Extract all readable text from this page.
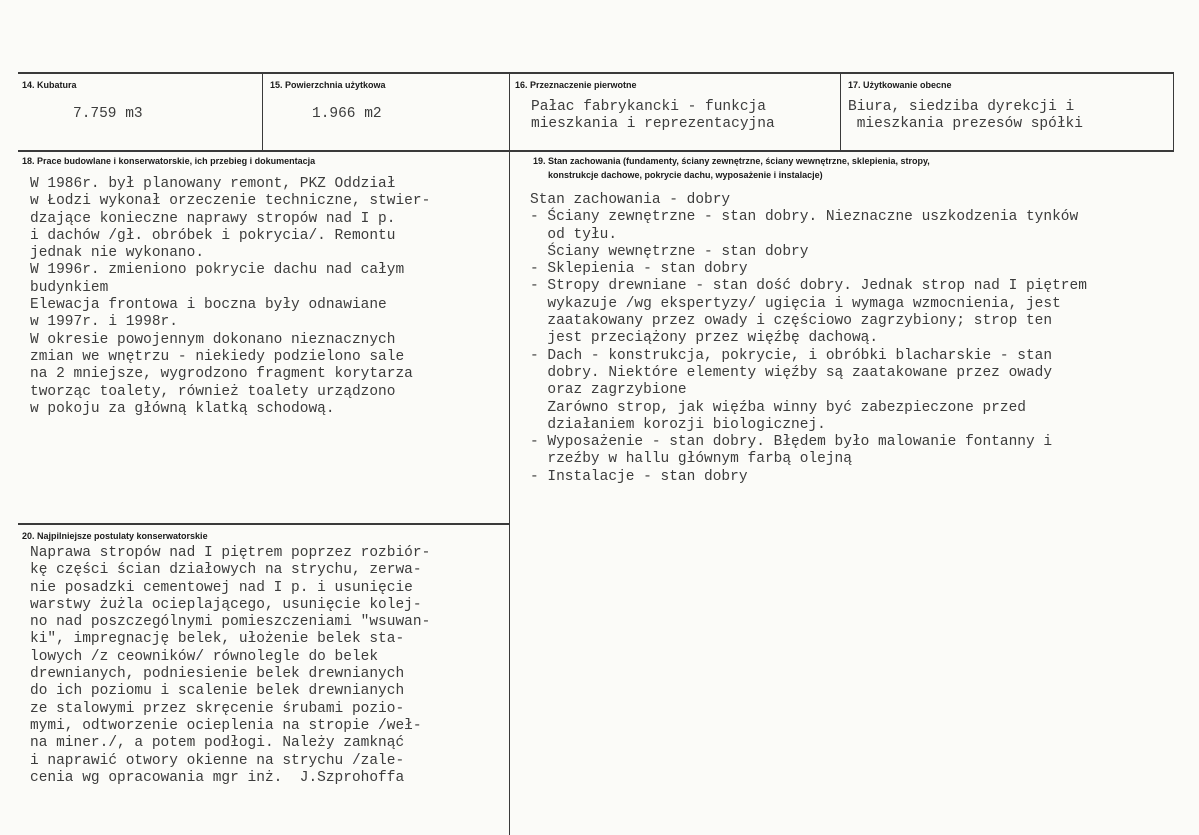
14. Kubatura
7.759 m3
15. Powierzchnia użytkowa
1.966 m2
16. Przeznaczenie pierwotne
Pałac fabrykancki - funkcja
mieszkania i reprezentacyjna
17. Użytkowanie obecne
Biura, siedziba dyrekcji i
mieszkania prezesów spółki
18. Prace budowlane i konserwatorskie, ich przebieg i dokumentacja
W 1986r. był planowany remont, PKZ Oddział
w Łodzi wykonał orzeczenie techniczne, stwier-
dzające konieczne naprawy stropów nad I p.
i dachów /gł. obróbek i pokrycia/. Remontu
jednak nie wykonano.
W 1996r. zmieniono pokrycie dachu nad całym
budynkiem
Elewacja frontowa i boczna były odnawiane
w 1997r. i 1998r.
W okresie powojennym dokonano nieznacznych
zmian we wnętrzu - niekiedy podzielono sale
na 2 mniejsze, wygrodzono fragment korytarza
tworząc toalety, również toalety urządzono
w pokoju za główną klatką schodową.
19. Stan zachowania (fundamenty, ściany zewnętrzne, ściany wewnętrzne, sklepienia, stropy,
konstrukcje dachowe, pokrycie dachu, wyposażenie i instalacje)
Stan zachowania - dobry
- Ściany zewnętrzne - stan dobry. Nieznaczne uszkodzenia tynków
od tyłu.
Ściany wewnętrzne - stan dobry
- Sklepienia - stan dobry
- Stropy drewniane - stan dość dobry. Jednak strop nad I piętrem
wykazuje /wg ekspertyzy/ ugięcia i wymaga wzmocnienia, jest
zaatakowany przez owady i częściowo zagrzybiony; strop ten
jest przeciążony przez więźbę dachową.
- Dach - konstrukcja, pokrycie, i obróbki blacharskie - stan
dobry. Niektóre elementy więźby są zaatakowane przez owady
oraz zagrzybione
Zarówno strop, jak więźba winny być zabezpieczone przed
działaniem korozji biologicznej.
- Wyposażenie - stan dobry. Błędem było malowanie fontanny i
rzeźby w hallu głównym farbą olejną
- Instalacje - stan dobry
20. Najpilniejsze postulaty konserwatorskie
Naprawa stropów nad I piętrem poprzez rozbiór-
kę części ścian działowych na strychu, zerwa-
nie posadzki cementowej nad I p. i usunięcie
warstwy żużla ocieplającego, usunięcie kolej-
no nad poszczególnymi pomieszczeniami "wsuwan-
ki", impregnację belek, ułożenie belek sta-
lowych /z ceowników/ równolegle do belek
drewnianych, podniesienie belek drewnianych
do ich poziomu i scalenie belek drewnianych
ze stalowymi przez skręcenie śrubami pozio-
mymi, odtworzenie ocieplenia na stropie /weł-
na miner./, a potem podłogi. Należy zamknąć
i naprawić otwory okienne na strychu /zale-
cenia wg opracowania mgr inż.  J.Szprohoffa
